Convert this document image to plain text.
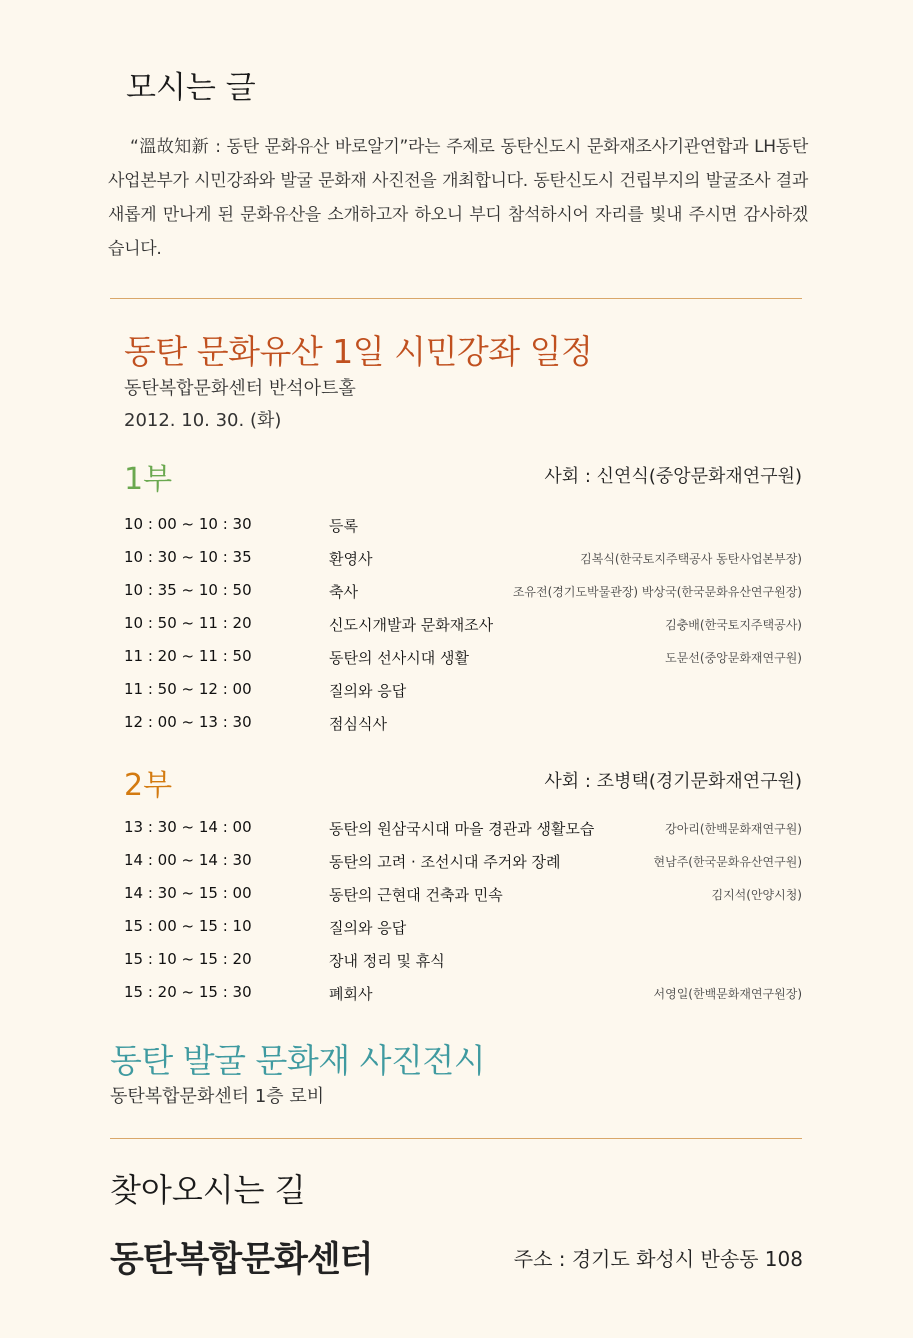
모시는 글
“溫故知新 : 동탄 문화유산 바로알기”라는 주제로 동탄신도시 문화재조사기관연합과 LH동탄사업본부가 시민강좌와 발굴 문화재 사진전을 개최합니다. 동탄신도시 건립부지의 발굴조사 결과 새롭게 만나게 된 문화유산을 소개하고자 하오니 부디 참석하시어 자리를 빛내 주시면 감사하겠습니다.
동탄 문화유산 1일 시민강좌 일정
동탄복합문화센터 반석아트홀
2012. 10. 30. (화)
1부	사회 : 신연식(중앙문화재연구원)
10 : 00 ~ 10 : 30	등록
10 : 30 ~ 10 : 35	환영사	김복식(한국토지주택공사 동탄사업본부장)
10 : 35 ~ 10 : 50	축사	조유전(경기도박물관장) 박상국(한국문화유산연구원장)
10 : 50 ~ 11 : 20	신도시개발과 문화재조사	김충배(한국토지주택공사)
11 : 20 ~ 11 : 50	동탄의 선사시대 생활	도문선(중앙문화재연구원)
11 : 50 ~ 12 : 00	질의와 응답
12 : 00 ~ 13 : 30	점심식사
2부	사회 : 조병택(경기문화재연구원)
13 : 30 ~ 14 : 00	동탄의 원삼국시대 마을 경관과 생활모습	강아리(한백문화재연구원)
14 : 00 ~ 14 : 30	동탄의 고려 · 조선시대 주거와 장례	현남주(한국문화유산연구원)
14 : 30 ~ 15 : 00	동탄의 근현대 건축과 민속	김지석(안양시청)
15 : 00 ~ 15 : 10	질의와 응답
15 : 10 ~ 15 : 20	장내 정리 및 휴식
15 : 20 ~ 15 : 30	폐회사	서영일(한백문화재연구원장)
동탄 발굴 문화재 사진전시
동탄복합문화센터 1층 로비
찾아오시는 길
동탄복합문화센터	주소 : 경기도 화성시 반송동 108
